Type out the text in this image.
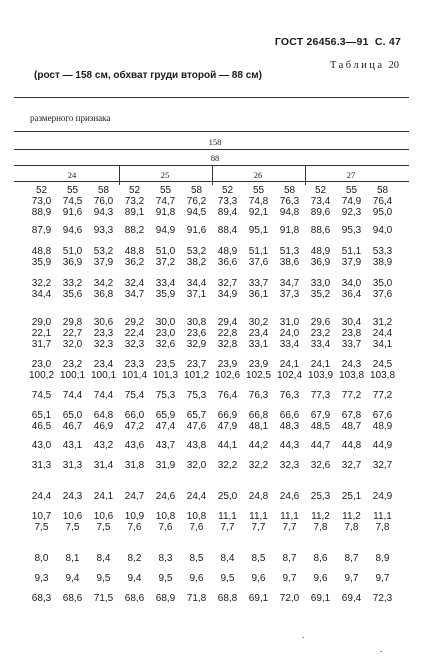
ГОСТ 26456.3—91 С. 47
Таблица 20
(рост — 158 см, обхват груди второй — 88 см)
размерного признака
158
88
24	25	26	27
52	55	58	52	55	58	52	55	58	52	55	58
73,0	74,5	76,0	73,2	74,7	76,2	73,3	74,8	76,3	73,4	74,9	76,4
88,9	91,6	94,3	89,1	91,8	94,5	89,4	92,1	94,8	89,6	92,3	95,0
87,9	94,6	93,3	88,2	94,9	91,6	88,4	95,1	91,8	88,6	95,3	94,0
48,8	51,0	53,2	48,8	51,0	53,2	48,9	51,1	51,3	48,9	51,1	53,3
35,9	36,9	37,9	36,2	37,2	38,2	36,6	37,6	38,6	36,9	37,9	38,9
32,2	33,2	34,2	32,4	33,4	34,4	32,7	33,7	34,7	33,0	34,0	35,0
34,4	35,6	36,8	34,7	35,9	37,1	34,9	36,1	37,3	35,2	36,4	37,6
29,0	29,8	30,6	29,2	30,0	30,8	29,4	30,2	31,0	29,6	30,4	31,2
22,1	22,7	23,3	22,4	23,0	23,6	22,8	23,4	24,0	23,2	23,8	24,4
31,7	32,0	32,3	32,3	32,6	32,9	32,8	33,1	33,4	33,4	33,7	34,1
23,0	23,2	23,4	23,3	23,5	23,7	23,9	23,9	24,1	24,1	24,3	24,5
100,2 100,1 100,1 101,4 101,3 101,2 102,6 102,5 102,4 103,9 103,8 103,8
74,5	74,4	74,4	75,4	75,3	75,3	76,4	76,3	76,3	77,3	77,2	77,2
65,1	65,0	64,8	66,0	65,9	65,7	66,9	66,8	66,6	67,9	67,8	67,6
46,5	46,7	46,9	47,2	47,4	47,6	47,9	48,1	48,3	48,5	48,7	48,9
43,0	43,1	43,2	43,6	43,7	43,8	44,1	44,2	44,3	44,7	44,8	44,9
31,3	31,3	31,4	31,8	31,9	32,0	32,2	32,2	32,3	32,6	32,7	32,7
24,4	24,3	24,1	24,7	24,6	24,4	25,0	24,8	24,6	25,3	25,1	24,9
10,7	10,6	10,6	10,9	10,8	10,8	11,1	11,1	11,1	11,2	11,2	11,1
7,5	7,5	7,5	7,6	7,6	7,6	7,7	7,7	7,7	7,8	7,8	7,8
8,0	8,1	8,4	8,2	8,3	8,5	8,4	8,5	8,7	8,6	8,7	8,9
9,3	9,4	9,5	9,4	9,5	9,6	9,5	9,6	9,7	9,6	9,7	9,7
68,3	68,6	71,5	68,6	68,9	71,8	68,8	69,1	72,0	69,1	69,4	72,3
.
.
